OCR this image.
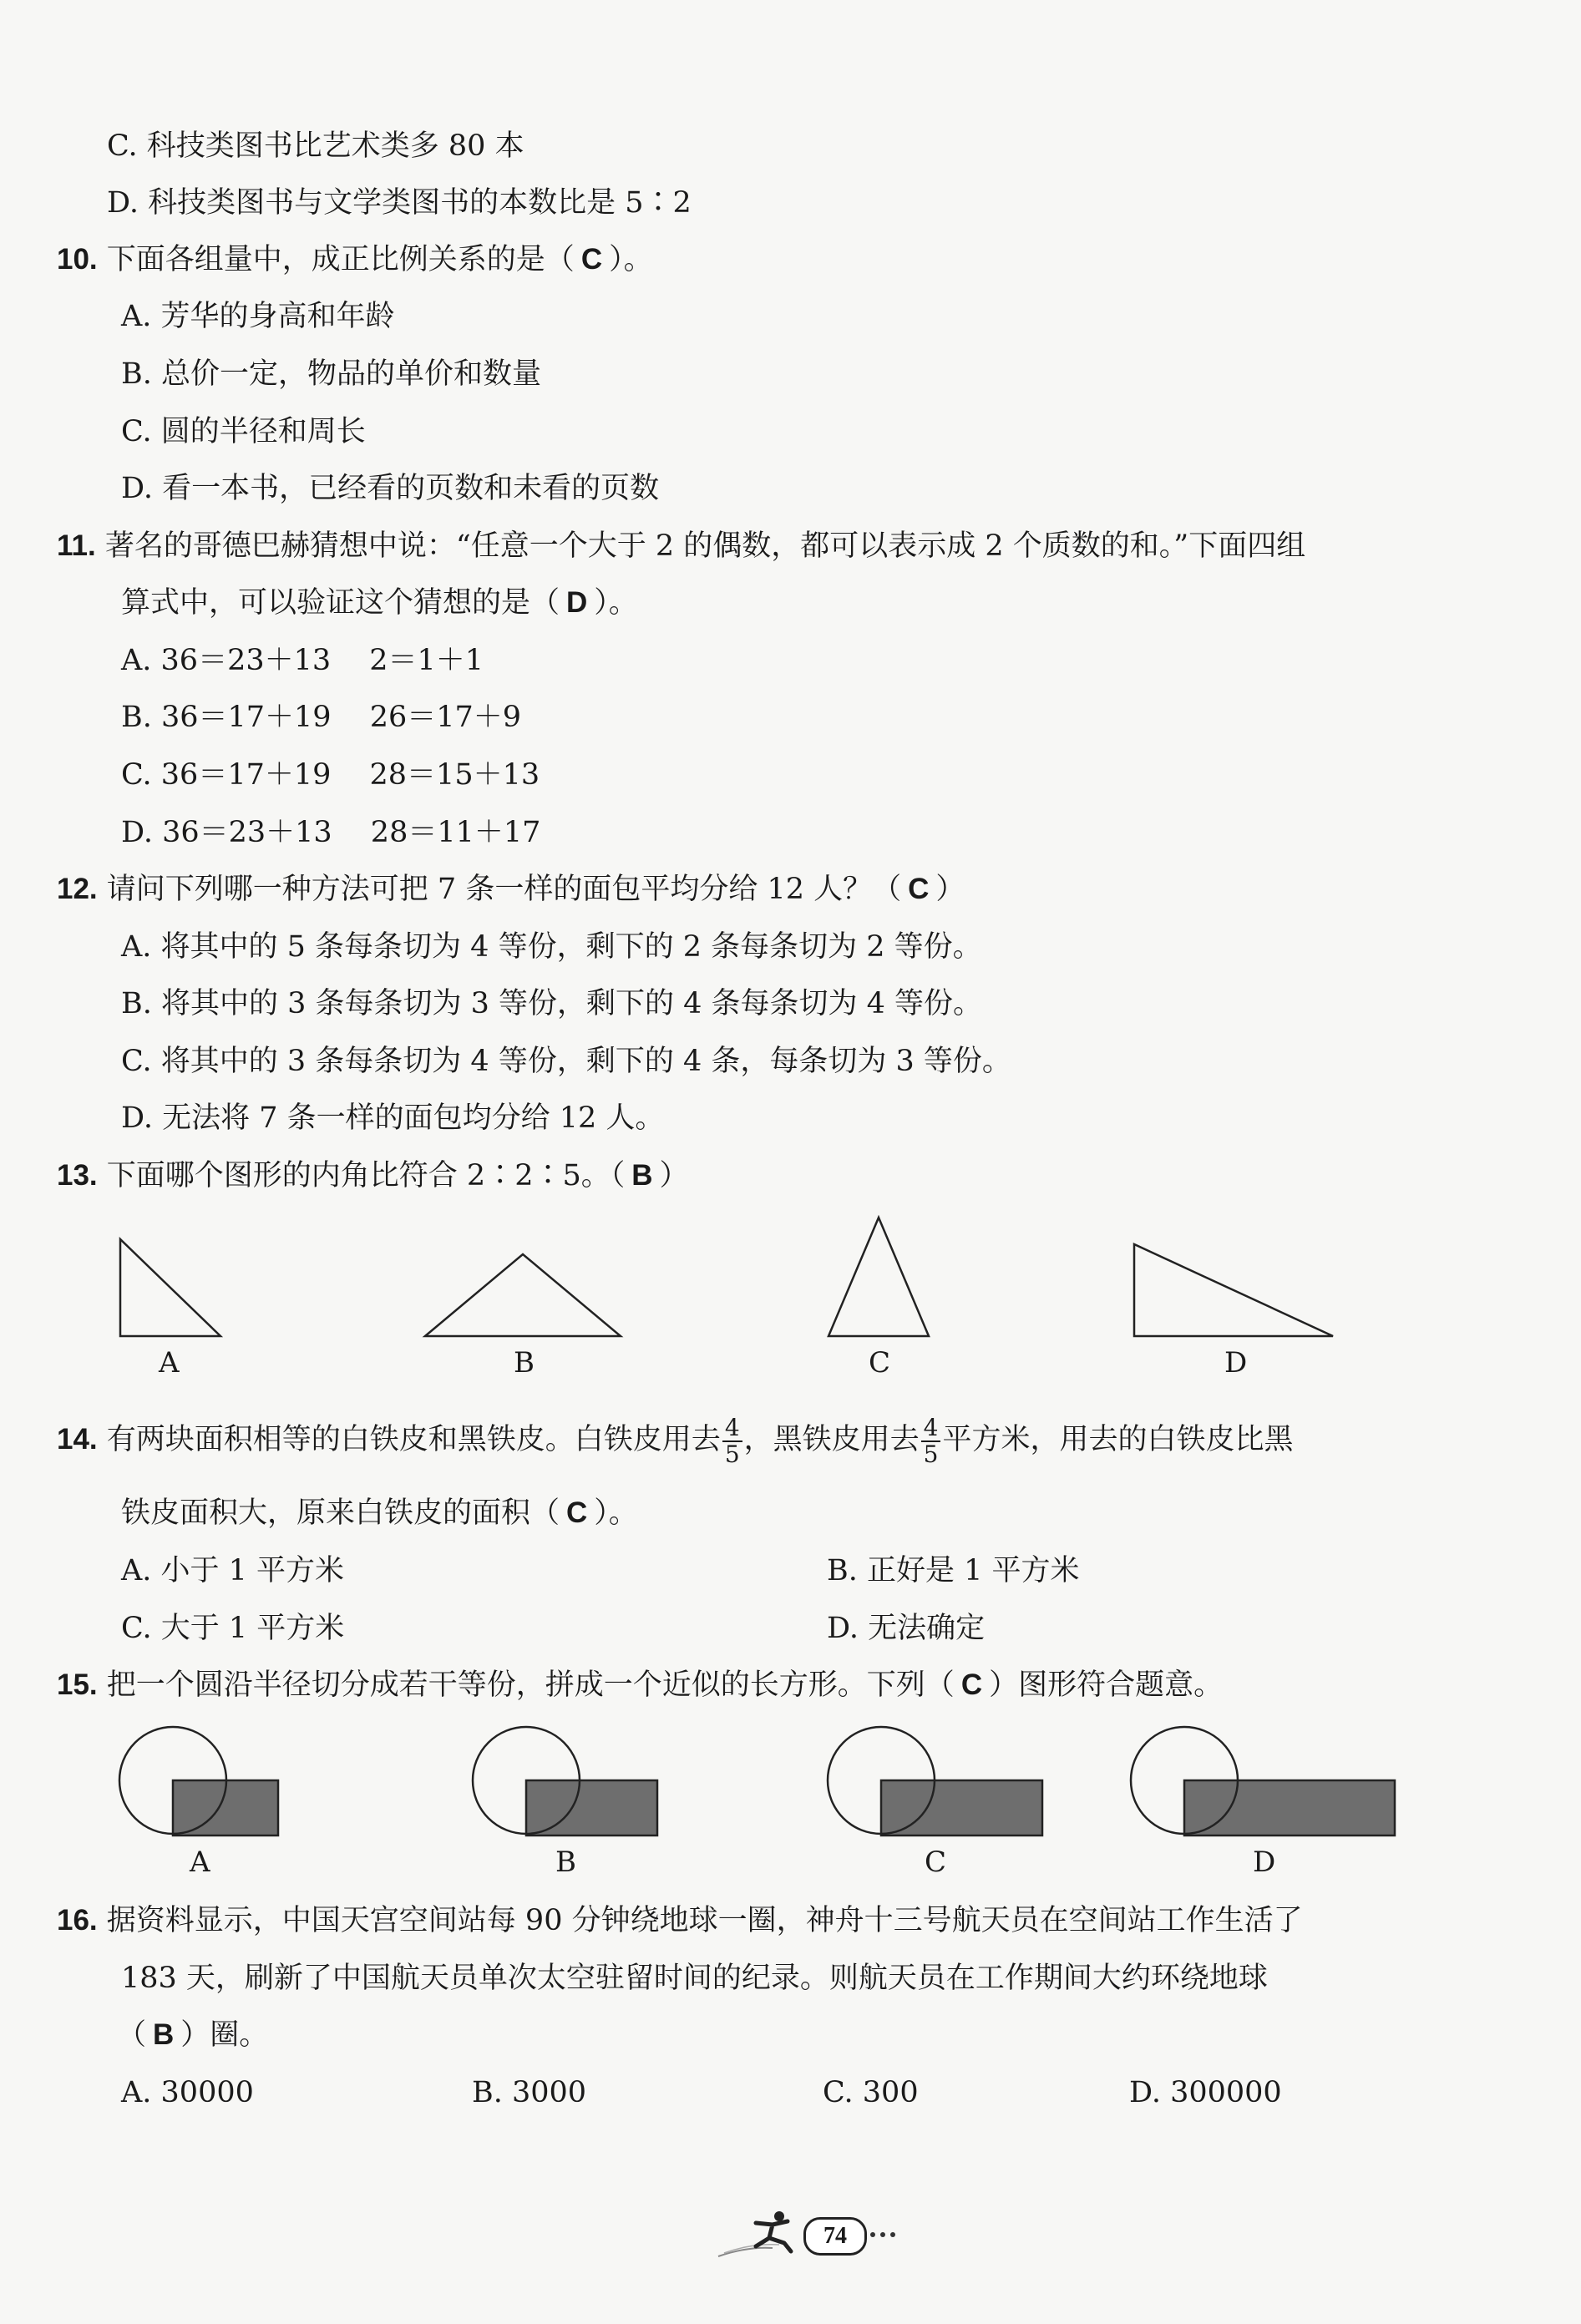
C. 科技类图书比艺术类多 80 本
D. 科技类图书与文学类图书的本数比是 5∶2
10. 下面各组量中，成正比例关系的是（ C ）。
A. 芳华的身高和年龄
B. 总价一定，物品的单价和数量
C. 圆的半径和周长
D. 看一本书，已经看的页数和未看的页数
11. 著名的哥德巴赫猜想中说：“任意一个大于 2 的偶数，都可以表示成 2 个质数的和。”下面四组
算式中，可以验证这个猜想的是（ D ）。
A. 36＝23＋13　 2＝1＋1
B. 36＝17＋19　 26＝17＋9
C. 36＝17＋19　 28＝15＋13
D. 36＝23＋13　 28＝11＋17
12. 请问下列哪一种方法可把 7 条一样的面包平均分给 12 人？（ C ）
A. 将其中的 5 条每条切为 4 等份，剩下的 2 条每条切为 2 等份。
B. 将其中的 3 条每条切为 3 等份，剩下的 4 条每条切为 4 等份。
C. 将其中的 3 条每条切为 4 等份，剩下的 4 条，每条切为 3 等份。
D. 无法将 7 条一样的面包均分给 12 人。
13. 下面哪个图形的内角比符合 2∶2∶5。（ B ）
A	B	C	D
14. 有两块面积相等的白铁皮和黑铁皮。白铁皮用去 $\frac{4}{5}$ ，黑铁皮用去 $\frac{4}{5}$ 平方米，用去的白铁皮比黑
铁皮面积大，原来白铁皮的面积（ C ）。
A. 小于 1 平方米	B. 正好是 1 平方米
C. 大于 1 平方米	D. 无法确定
15. 把一个圆沿半径切分成若干等份，拼成一个近似的长方形。下列（ C ）图形符合题意。
A	B	C	D
16. 据资料显示，中国天宫空间站每 90 分钟绕地球一圈，神舟十三号航天员在空间站工作生活了
183 天，刷新了中国航天员单次太空驻留时间的纪录。则航天员在工作期间大约环绕地球
（ B ）圈。
A. 30000	B. 3000	C. 300	D. 300000
74
